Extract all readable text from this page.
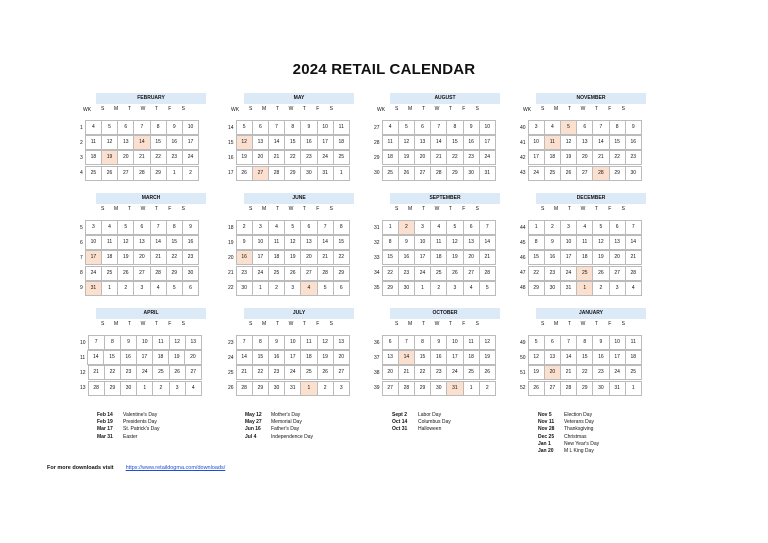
2024 RETAIL CALENDAR
FEBRUARY
WK	S	M	T	W	T	F	S
1	4	5	6	7	8	9	10
2	11	12	13	14	15	16	17
3	18	19	20	21	22	23	24
4	25	26	27	28	29	1	2
MAY
WK	S	M	T	W	T	F	S
14	5	6	7	8	9	10	11
15	12	13	14	15	16	17	18
16	19	20	21	22	23	24	25
17	26	27	28	29	30	31	1
AUGUST
WK	S	M	T	W	T	F	S
27	4	5	6	7	8	9	10
28	11	12	13	14	15	16	17
29	18	19	20	21	22	23	24
30	25	26	27	28	29	30	31
NOVEMBER
WK	S	M	T	W	T	F	S
40	3	4	5	6	7	8	9
41	10	11	12	13	14	15	16
42	17	18	19	20	21	22	23
43	24	25	26	27	28	29	30
MARCH
S	M	T	W	T	F	S
5	3	4	5	6	7	8	9
6	10	11	12	13	14	15	16
7	17	18	19	20	21	22	23
8	24	25	26	27	28	29	30
9	31	1	2	3	4	5	6
JUNE
S	M	T	W	T	F	S
18	2	3	4	5	6	7	8
19	9	10	11	12	13	14	15
20	16	17	18	19	20	21	22
21	23	24	25	26	27	28	29
22	30	1	2	3	4	5	6
SEPTEMBER
S	M	T	W	T	F	S
31	1	2	3	4	5	6	7
32	8	9	10	11	12	13	14
33	15	16	17	18	19	20	21
34	22	23	24	25	26	27	28
35	29	30	1	2	3	4	5
DECEMBER
S	M	T	W	T	F	S
44	1	2	3	4	5	6	7
45	8	9	10	11	12	13	14
46	15	16	17	18	19	20	21
47	22	23	24	25	26	27	28
48	29	30	31	1	2	3	4
APRIL
S	M	T	W	T	F	S
10	7	8	9	10	11	12	13
11	14	15	16	17	18	19	20
12	21	22	23	24	25	26	27
13	28	29	30	1	2	3	4
JULY
S	M	T	W	T	F	S
23	7	8	9	10	11	12	13
24	14	15	16	17	18	19	20
25	21	22	23	24	25	26	27
26	28	29	30	31	1	2	3
OCTOBER
S	M	T	W	T	F	S
36	6	7	8	9	10	11	12
37	13	14	15	16	17	18	19
38	20	21	22	23	24	25	26
39	27	28	29	30	31	1	2
JANUARY
S	M	T	W	T	F	S
49	5	6	7	8	9	10	11
50	12	13	14	15	16	17	18
51	19	20	21	22	23	24	25
52	26	27	28	29	30	31	1
Feb 14	Valentine's Day
Feb 19	Presidents Day
Mar 17	St. Patrick's Day
Mar 31	Easter
May 12	Mother's Day
May 27	Memorial Day
Jun 16	Father's Day
Jul 4	Independence Day
Sept 2	Labor Day
Oct 14	Columbus Day
Oct 31	Halloween
Nov 5	Election Day
Nov 11	Veterans Day
Nov 28	Thanksgiving
Dec 25	Christmas
Jan 1	New Year's Day
Jan 20	M L King Day
For more downloads visit https://www.retaildogma.com/downloads/
